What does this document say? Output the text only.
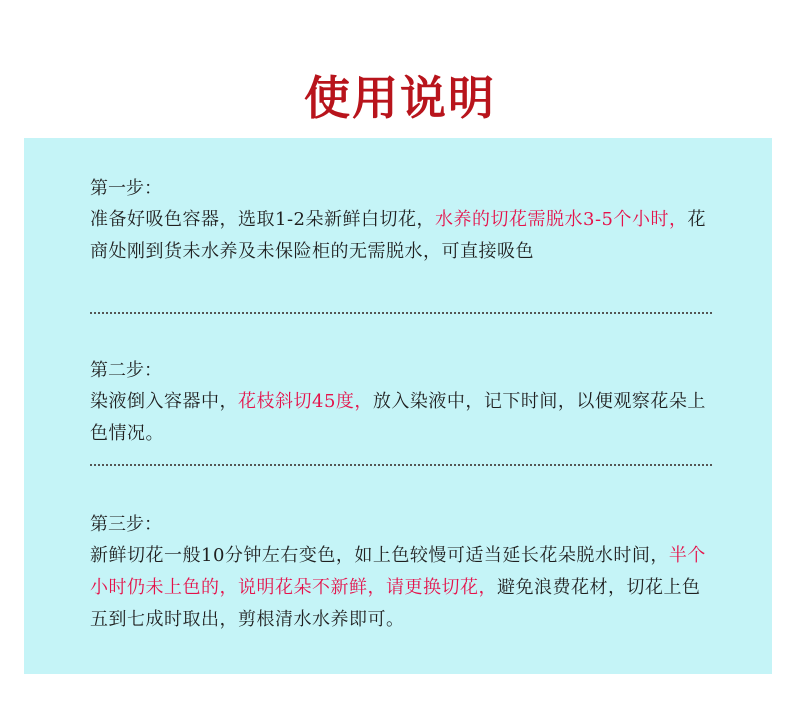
使用说明
第一步：
准备好吸色容器，选取1-2朵新鲜白切花，水养的切花需脱水3-5个小时，花商处刚到货未水养及未保险柜的无需脱水，可直接吸色
第二步：
染液倒入容器中，花枝斜切45度，放入染液中，记下时间，以便观察花朵上色情况。
第三步：
新鲜切花一般10分钟左右变色，如上色较慢可适当延长花朵脱水时间，半个小时仍未上色的，说明花朵不新鲜，请更换切花，避免浪费花材，切花上色五到七成时取出，剪根清水水养即可。
